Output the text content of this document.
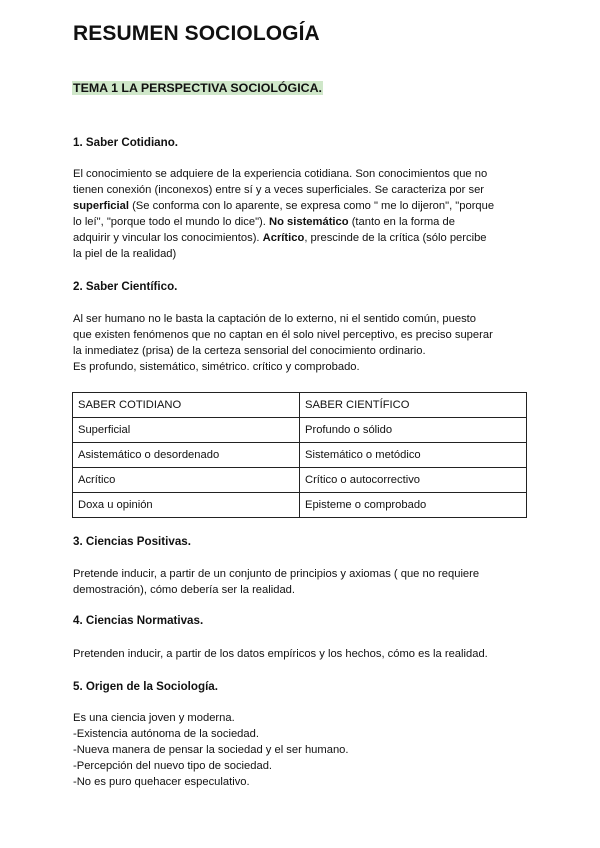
RESUMEN SOCIOLOGÍA
TEMA 1 LA PERSPECTIVA SOCIOLÓGICA.
1. Saber Cotidiano.
El conocimiento se adquiere de la experiencia cotidiana. Son conocimientos que no
tienen conexión (inconexos) entre sí y a veces superficiales. Se caracteriza por ser
superficial (Se conforma con lo aparente, se expresa como " me lo dijeron", "porque
lo leí", "porque todo el mundo lo dice"). No sistemático (tanto en la forma de
adquirir y vincular los conocimientos). Acrítico, prescinde de la crítica (sólo percibe
la piel de la realidad)
2. Saber Científico.
Al ser humano no le basta la captación de lo externo, ni el sentido común, puesto
que existen fenómenos que no captan en él solo nivel perceptivo, es preciso superar
la inmediatez (prisa) de la certeza sensorial del conocimiento ordinario.
Es profundo, sistemático, simétrico. crítico y comprobado.
SABER COTIDIANO	SABER CIENTÍFICO
Superficial	Profundo o sólido
Asistemático o desordenado	Sistemático o metódico
Acrítico	Crítico o autocorrectivo
Doxa u opinión	Episteme o comprobado
3. Ciencias Positivas.
Pretende inducir, a partir de un conjunto de principios y axiomas ( que no requiere
demostración), cómo debería ser la realidad.
4. Ciencias Normativas.
Pretenden inducir, a partir de los datos empíricos y los hechos, cómo es la realidad.
5. Origen de la Sociología.
Es una ciencia joven y moderna.
-Existencia autónoma de la sociedad.
-Nueva manera de pensar la sociedad y el ser humano.
-Percepción del nuevo tipo de sociedad.
-No es puro quehacer especulativo.
